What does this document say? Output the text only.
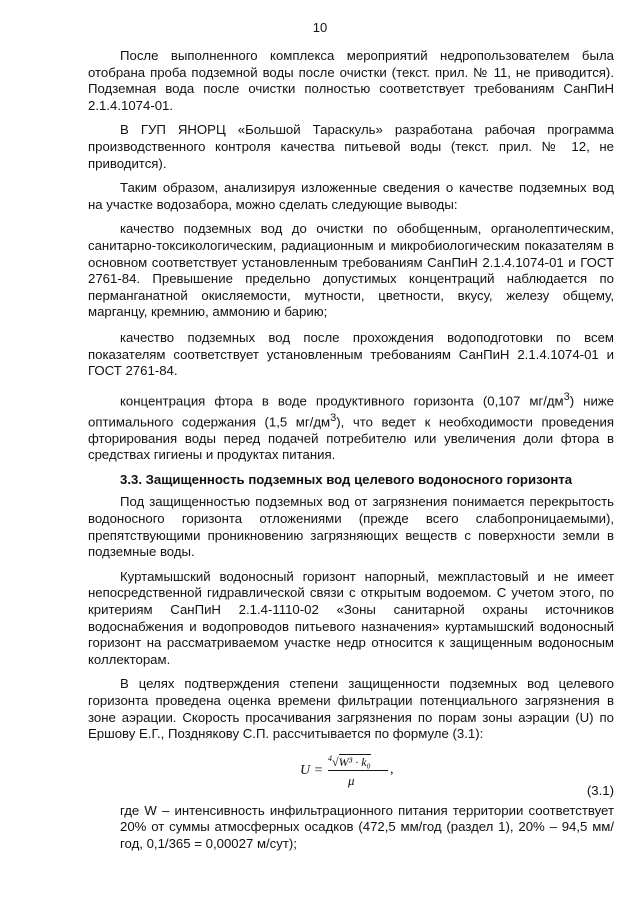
10

После выполненного комплекса мероприятий недропользователем была отобрана проба подземной воды после очистки (текст. прил. № 11, не приводится). Подземная вода после очистки полностью соответствует требованиям СанПиН 2.1.4.1074-01.

В ГУП ЯНОРЦ «Большой Тараскуль» разработана рабочая программа производственного контроля качества питьевой воды (текст. прил. № 12, не приводится).

Таким образом, анализируя изложенные сведения о качестве подземных вод на участке водозабора, можно сделать следующие выводы:

качество подземных вод до очистки по обобщенным, органолептическим, санитарно-токсикологическим, радиационным и микробиологическим показателям в основном соответствует установленным требованиям СанПиН 2.1.4.1074-01 и ГОСТ 2761-84. Превышение предельно допустимых концентраций наблюдается по перманганатной окисляемости, мутности, цветности, вкусу, железу общему, марганцу, кремнию, аммонию и барию;

качество подземных вод после прохождения водоподготовки по всем показателям соответствует установленным требованиям СанПиН 2.1.4.1074-01 и ГОСТ 2761-84.

концентрация фтора в воде продуктивного горизонта (0,107 $мг/дм^3$) ниже оптимального содержания (1,5 $мг/дм^3$), что ведет к необходимости проведения фторирования воды перед подачей потребителю или увеличения доли фтора в средствах гигиены и продуктах питания.

3.3. Защищенность подземных вод целевого водоносного горизонта

Под защищенностью подземных вод от загрязнения понимается перекрытость водоносного горизонта отложениями (прежде всего слабопроницаемыми), препятствующими проникновению загрязняющих веществ с поверхности земли в подземные воды.

Куртамышский водоносный горизонт напорный, межпластовый и не имеет непосредственной гидравлической связи с открытым водоемом. С учетом этого, по критериям СанПиН 2.1.4-1110-02 «Зоны санитарной охраны источников водоснабжения и водопроводов питьевого назначения» куртамышский водоносный горизонт на рассматриваемом участке недр относится к защищенным водоносным коллекторам.

В целях подтверждения степени защищенности подземных вод целевого горизонта проведена оценка времени фильтрации потенциального загрязнения в зоне аэрации. Скорость просачивания загрязнения по порам зоны аэрации (U) по Ершову Е.Г., Позднякову С.П. рассчитывается по формуле (3.1):

U =
$^4$√W³ · k₀
μ
,
(3.1)

где W – интенсивность инфильтрационного питания территории соответствует 20% от суммы атмосферных осадков (472,5 мм/год (раздел 1), 20% – 94,5 мм/год, 0,1/365 = 0,00027 м/сут);
